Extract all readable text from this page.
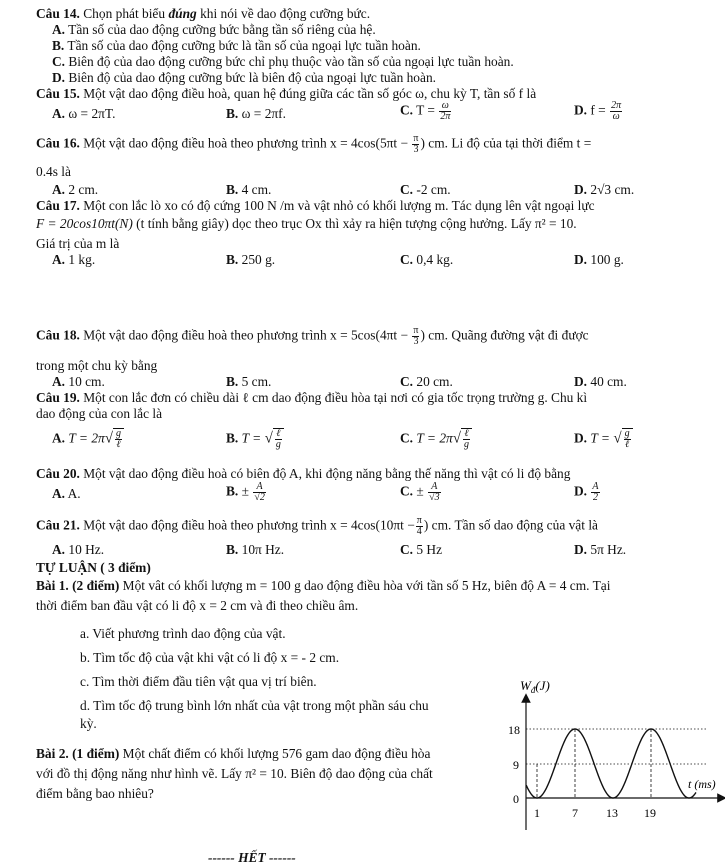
Câu 14. Chọn phát biểu đúng khi nói về dao động cưỡng bức.
A. Tần số của dao động cưỡng bức bằng tần số riêng của hệ.
B. Tần số của dao động cưỡng bức là tần số của ngoại lực tuần hoàn.
C. Biên độ của dao động cưỡng bức chỉ phụ thuộc vào tần số của ngoại lực tuần hoàn.
D. Biên độ của dao động cưỡng bức là biên độ của ngoại lực tuần hoàn.
Câu 15. Một vật dao động điều hoà, quan hệ đúng giữa các tần số góc ω, chu kỳ T, tần số f là
A. ω = 2πT.	B. ω = 2πf.	C. $T = \frac{\omega}{2\pi}$	D. $f = \frac{2\pi}{\omega}$
Câu 16. Một vật dao động điều hoà theo phương trình $x = 4\cos(5\pi t - \frac{\pi}{3}$ ) cm. Li độ của tại thời điểm t =
0.4s là
A. 2 cm.	B. 4 cm.	C. -2 cm.	D. 2√3 cm.
Câu 17. Một con lắc lò xo có độ cứng 100 N /m và vật nhỏ có khối lượng m. Tác dụng lên vật ngoại lực
F = 20cos10πt(N) (t tính bằng giây) dọc theo trục Ox thì xảy ra hiện tượng cộng hưởng. Lấy π² = 10.
Giá trị của m là
A. 1 kg.	B. 250 g.	C. 0,4 kg.	D. 100 g.
Câu 18. Một vật dao động điều hoà theo phương trình $x = 5\cos(4\pi t - \frac{\pi}{3}$ ) cm. Quãng đường vật đi được
trong một chu kỳ bằng
A. 10 cm.	B. 5 cm.	C. 20 cm.	D. 40 cm.
Câu 19. Một con lắc đơn có chiều dài ℓ cm dao động điều hòa tại nơi có gia tốc trọng trường g. Chu kì
dao động của con lắc là
A. $T = 2\pi√ \frac{g}{\text{ℓ}}$	B. T = √ $\frac{\text{ℓ}}{g}$	C. $T = 2\pi√ \frac{\text{ℓ}}{g}$	D. T = √ $\frac{g}{\text{ℓ}}$
Câu 20. Một vật dao động điều hoà có biên độ A, khi động năng bằng thế năng thì vật có li độ bằng
A. A.	B. ± $\frac{A}{√2}$	C. ± $\frac{A}{√3}$	D. $\frac{A}{2}$
Câu 21. Một vật dao động điều hoà theo phương trình $x = 4\cos(10\pi t - \frac{\pi}{4}$ ) cm. Tần số dao động của vật là
A. 10 Hz.	B. 10π Hz.	C. 5 Hz	D. 5π Hz.
TỰ LUẬN ( 3 điểm)
Bài 1. (2 điểm) Một vât có khối lượng m = 100 g dao động điều hòa với tần số 5 Hz, biên độ A = 4 cm. Tại
thời điểm ban đầu vật có li độ x = 2 cm và đi theo chiều âm.
a. Viết phương trình dao động của vật.
b. Tìm tốc độ của vật khi vật có li độ x = - 2 cm.
c. Tìm thời điểm đầu tiên vật qua vị trí biên.
d. Tìm tốc độ trung bình lớn nhất của vật trong một phần sáu chu
kỳ.
Bài 2. (1 điểm) Một chất điểm có khối lượng 576 gam dao động điều hòa
với đồ thị động năng như hình vẽ. Lấy π² = 10. Biên độ dao động của chất
điểm bằng bao nhiêu?
$W_đ(J)$
18
9
0
t (ms)
1	7 13 19
------ HẾT ------
